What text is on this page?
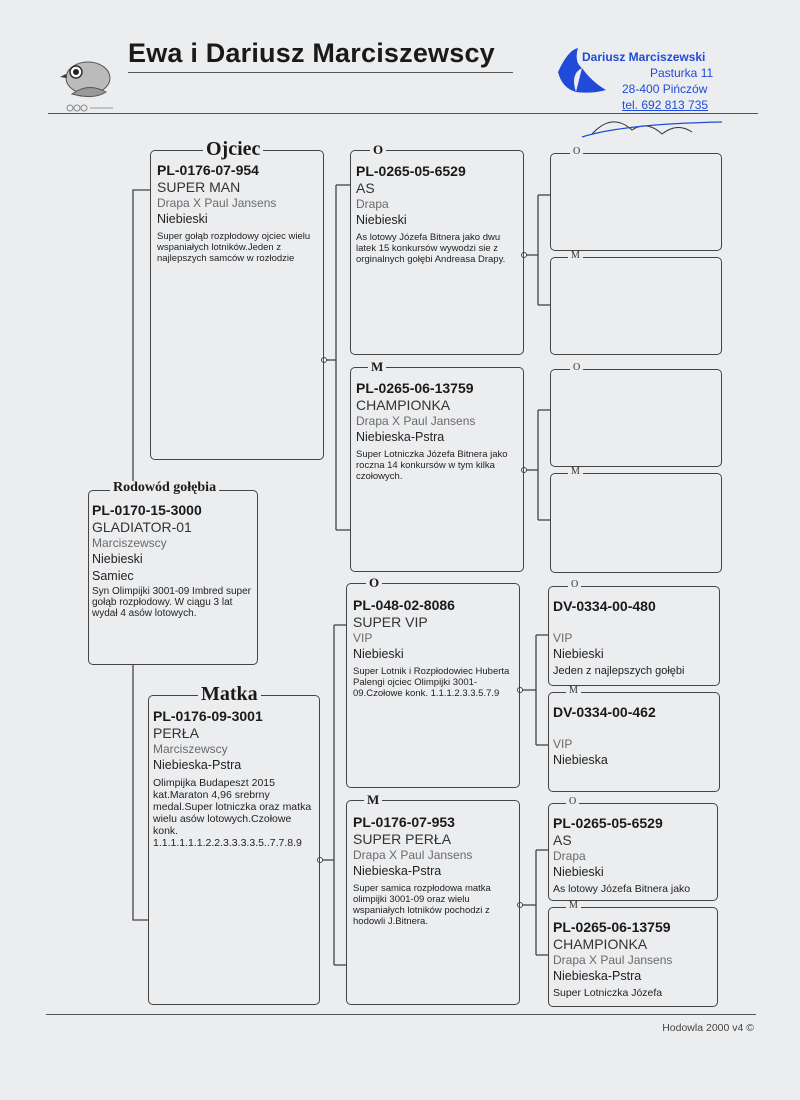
Ewa i Dariusz Marciszewscy	Dariusz Marciszewski
Pasturka 11
28-400 Pińczów
tel. 692 813 735
Rodowód gołębia
PL-0170-15-3000
GLADIATOR-01
Marciszewscy
Niebieski
Samiec
Syn Olimpijki 3001-09 Imbred super gołąb rozpłodowy. W ciągu 3 lat wydał 4 asów lotowych.
Ojciec
PL-0176-07-954
SUPER MAN
Drapa X Paul Jansens
Niebieski
Super gołąb rozpłodowy ojciec wielu wspaniałych lotników.Jeden z najlepszych samców w rozłodzie
Matka
PL-0176-09-3001
PERŁA
Marciszewscy
Niebieska-Pstra
Olimpijka Budapeszt 2015 kat.Maraton 4,96 srebrny medal.Super lotniczka oraz matka wielu asów lotowych.Czołowe konk. 1.1.1.1.1.1.2.2.3.3.3.3.5..7.7.8.9
O
PL-0265-05-6529
AS
Drapa
Niebieski
As lotowy Józefa Bitnera jako dwu latek 15 konkursów wywodzi sie z orginalnych gołębi Andreasa Drapy.
M
PL-0265-06-13759
CHAMPIONKA
Drapa X Paul Jansens
Niebieska-Pstra
Super Lotniczka Józefa Bitnera jako roczna 14 konkursów w tym kilka czołowych.
O
PL-048-02-8086
SUPER VIP
VIP
Niebieski
Super Lotnik i Rozpłodowiec Huberta Palengi ojciec Olimpijki 3001-09.Czołowe konk. 1.1.1.2.3.3.5.7.9
M
PL-0176-07-953
SUPER PERŁA
Drapa X Paul Jansens
Niebieska-Pstra
Super samica rozpłodowa matka olimpijki 3001-09 oraz wielu wspaniałych lotników pochodzi z hodowli J.Bitnera.
O
M
O
M
O
DV-0334-00-480
VIP
Niebieski
Jeden z najlepszych gołębi
M
DV-0334-00-462
VIP
Niebieska
O
PL-0265-05-6529
AS
Drapa
Niebieski
As lotowy Józefa Bitnera jako
M
PL-0265-06-13759
CHAMPIONKA
Drapa X Paul Jansens
Niebieska-Pstra
Super Lotniczka Józefa
Hodowla 2000 v4 ©
